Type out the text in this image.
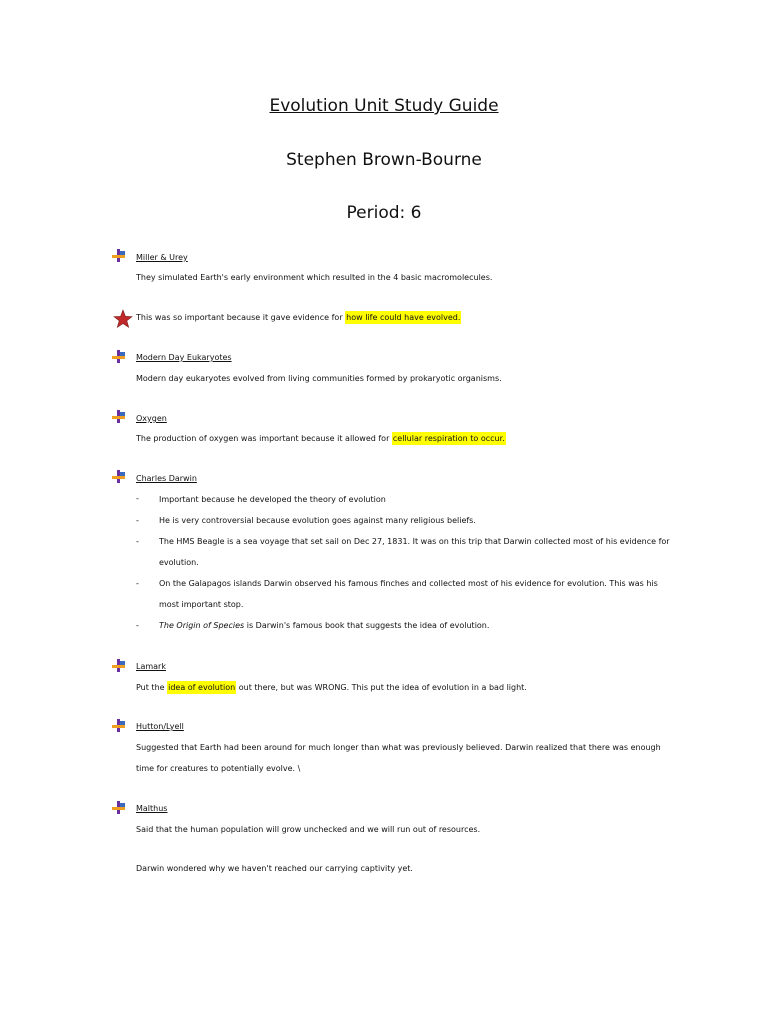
Evolution Unit Study Guide
Stephen Brown-Bourne
Period: 6
Miller & Urey
They simulated Earth's early environment which resulted in the 4 basic macromolecules.
This was so important because it gave evidence for how life could have evolved.
Modern Day Eukaryotes
Modern day eukaryotes evolved from living communities formed by prokaryotic organisms.
Oxygen
The production of oxygen was important because it allowed for cellular respiration to occur.
Charles Darwin
-	Important because he developed the theory of evolution
-	He is very controversial because evolution goes against many religious beliefs.
-	The HMS Beagle is a sea voyage that set sail on Dec 27, 1831. It was on this trip that Darwin collected most of his evidence for evolution.
-	On the Galapagos islands Darwin observed his famous finches and collected most of his evidence for evolution. This was his most important stop.
-	The Origin of Species is Darwin's famous book that suggests the idea of evolution.
Lamark
Put the idea of evolution out there, but was WRONG. This put the idea of evolution in a bad light.
Hutton/Lyell
Suggested that Earth had been around for much longer than what was previously believed. Darwin realized that there was enough time for creatures to potentially evolve. \
Malthus
Said that the human population will grow unchecked and we will run out of resources.
Darwin wondered why we haven't reached our carrying captivity yet.
